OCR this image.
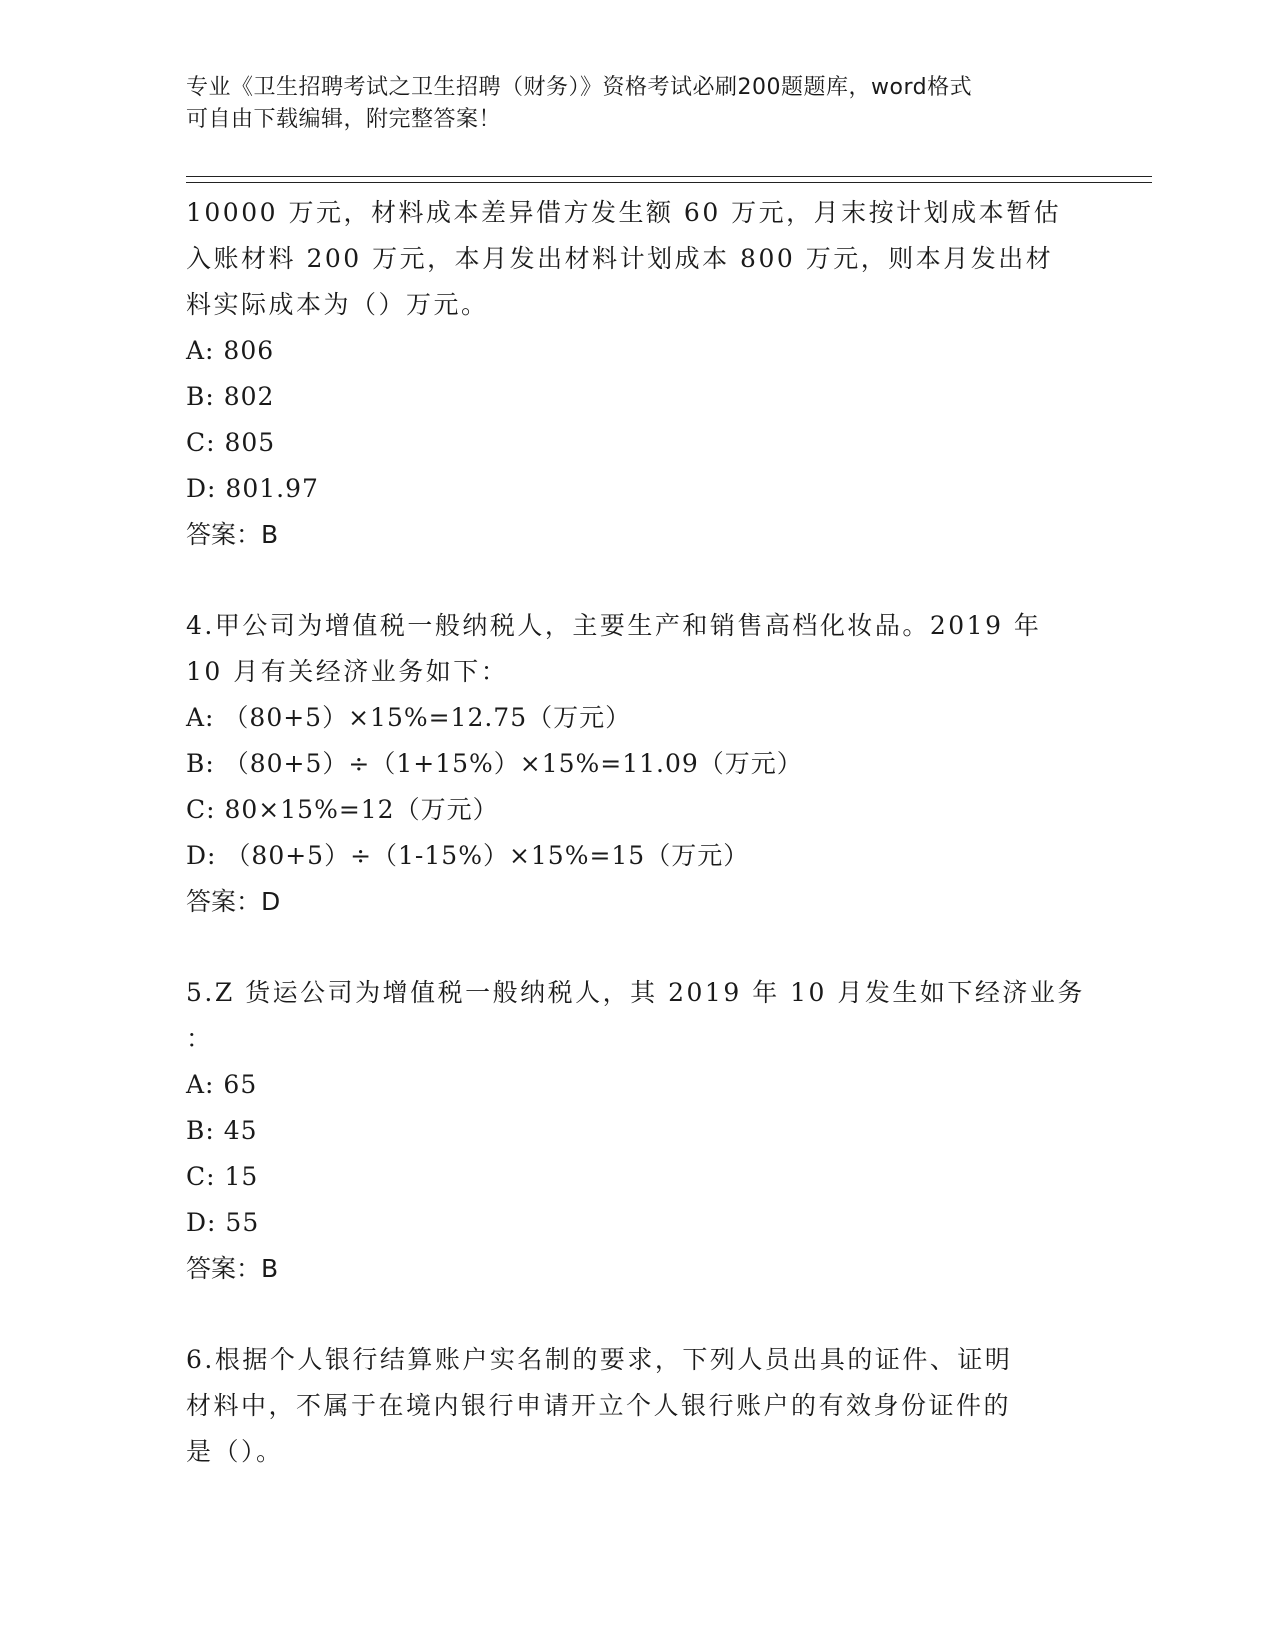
专业《卫生招聘考试之卫生招聘（财务）》资格考试必刷200题题库，word格式
可自由下载编辑，附完整答案！

10000 万元，材料成本差异借方发生额 60 万元，月末按计划成本暂估

入账材料 200 万元，本月发出材料计划成本 800 万元，则本月发出材

料实际成本为（）万元。

A: 806

B: 802

C: 805

D: 801.97

答案：B

4.甲公司为增值税一般纳税人，主要生产和销售高档化妆品。2019 年

10 月有关经济业务如下：

A: （80+5）×15%=12.75（万元）

B: （80+5）÷（1+15%）×15%=11.09（万元）

C: 80×15%=12（万元）

D: （80+5）÷（1-15%）×15%=15（万元）

答案：D

5.Z 货运公司为增值税一般纳税人，其 2019 年 10 月发生如下经济业务

：

A: 65

B: 45

C: 15

D: 55

答案：B

6.根据个人银行结算账户实名制的要求，下列人员出具的证件、证明

材料中，不属于在境内银行申请开立个人银行账户的有效身份证件的

是（）。
